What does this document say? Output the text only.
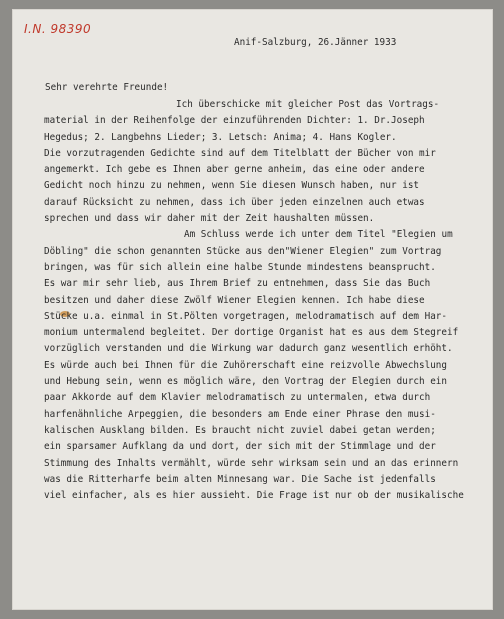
I.N. 98390
Anif-Salzburg, 26.Jänner 1933
Sehr verehrte Freunde!
Ich überschicke mit gleicher Post das Vortrags-
material in der Reihenfolge der einzuführenden Dichter: 1. Dr.Joseph
Hegedus; 2. Langbehns Lieder; 3. Letsch: Anima; 4. Hans Kogler.
Die vorzutragenden Gedichte sind auf dem Titelblatt der Bücher von mir
angemerkt. Ich gebe es Ihnen aber gerne anheim, das eine oder andere
Gedicht noch hinzu zu nehmen, wenn Sie diesen Wunsch haben, nur ist
darauf Rücksicht zu nehmen, dass ich über jeden einzelnen auch etwas
sprechen und dass wir daher mit der Zeit haushalten müssen.
Am Schluss werde ich unter dem Titel "Elegien um
Döbling" die schon genannten Stücke aus den"Wiener Elegien" zum Vortrag
bringen, was für sich allein eine halbe Stunde mindestens beansprucht.
Es war mir sehr lieb, aus Ihrem Brief zu entnehmen, dass Sie das Buch
besitzen und daher diese Zwölf Wiener Elegien kennen. Ich habe diese
Stücke u.a. einmal in St.Pölten vorgetragen, melodramatisch auf dem Har-
monium untermalend begleitet. Der dortige Organist hat es aus dem Stegreif
vorzüglich verstanden und die Wirkung war dadurch ganz wesentlich erhöht.
Es würde auch bei Ihnen für die Zuhörerschaft eine reizvolle Abwechslung
und Hebung sein, wenn es möglich wäre, den Vortrag der Elegien durch ein
paar Akkorde auf dem Klavier melodramatisch zu untermalen, etwa durch
harfenähnliche Arpeggien, die besonders am Ende einer Phrase den musi-
kalischen Ausklang bilden. Es braucht nicht zuviel dabei getan werden;
ein sparsamer Aufklang da und dort, der sich mit der Stimmlage und der
Stimmung des Inhalts vermählt, würde sehr wirksam sein und an das erinnern
was die Ritterharfe beim alten Minnesang war. Die Sache ist jedenfalls
viel einfacher, als es hier aussieht. Die Frage ist nur ob der musikalische
